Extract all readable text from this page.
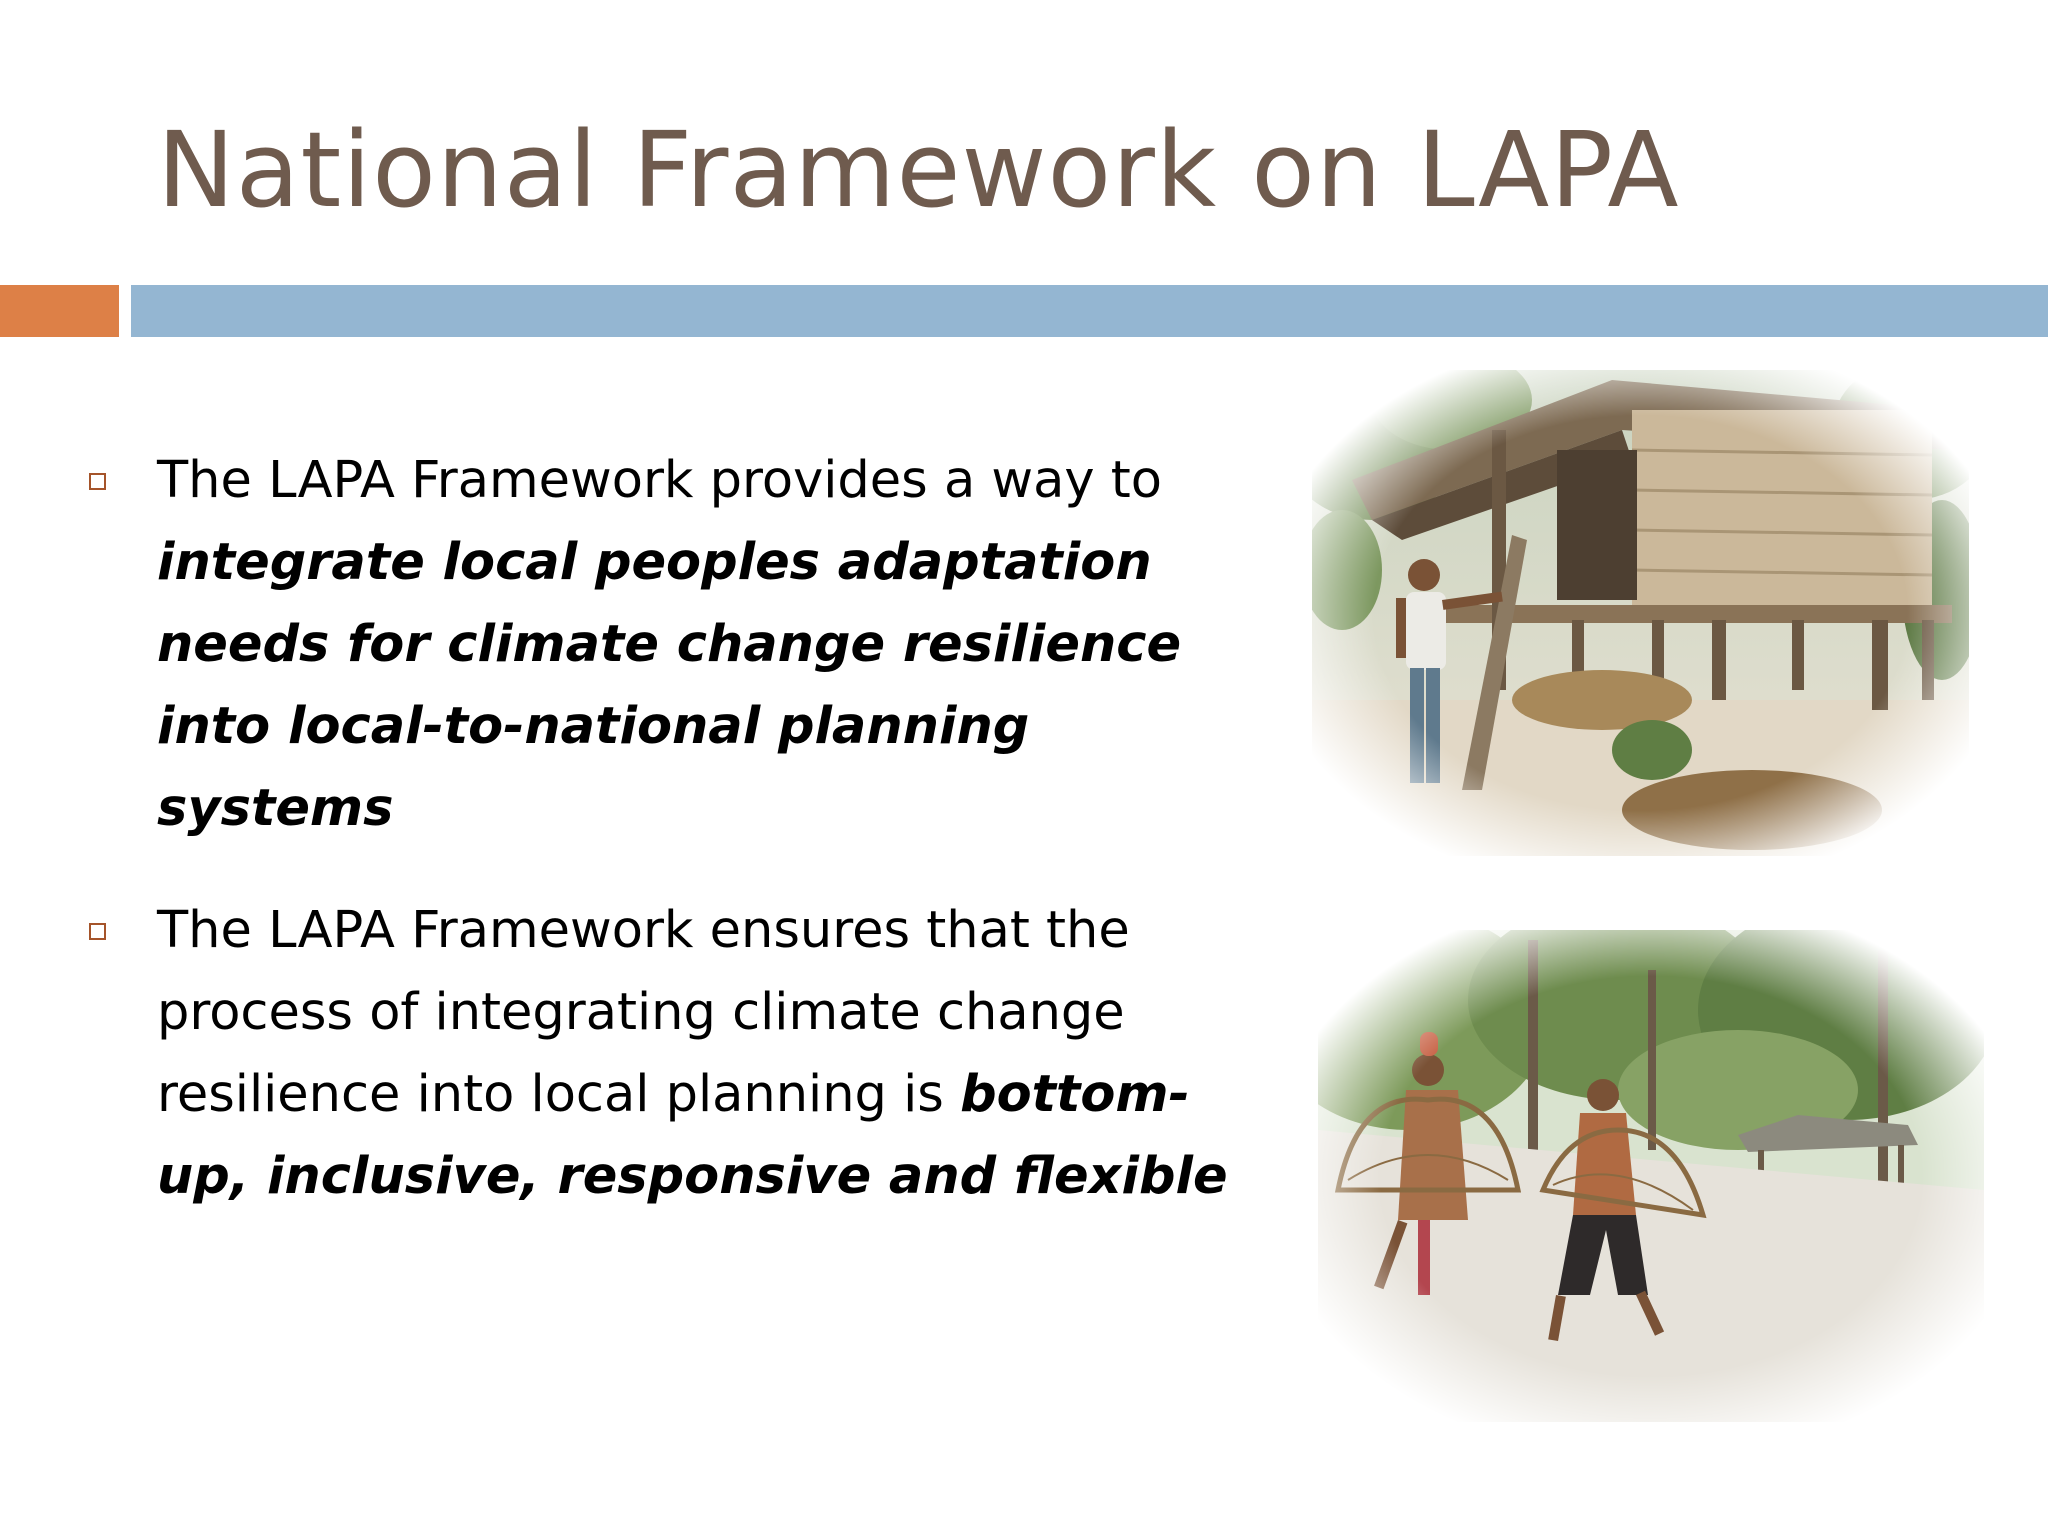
National Framework on LAPA

The LAPA Framework provides a way to integrate local peoples adaptation needs for climate change resilience into local-to-national planning systems

The LAPA Framework ensures that the process of integrating climate change resilience into local planning is bottom-up, inclusive, responsive and flexible
